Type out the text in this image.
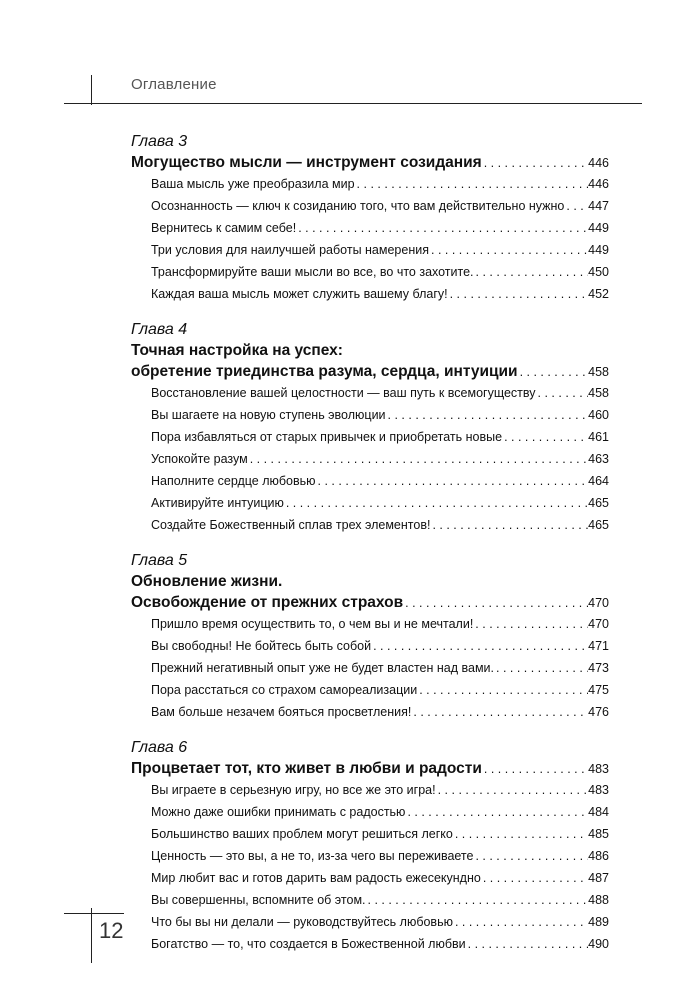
Оглавление
Глава 3
Могущество мысли — инструмент созидания . . .	446
Ваша мысль уже преобразила мир . . .	446
Осознанность — ключ к созиданию того, что вам действительно нужно . . . 447
Вернитесь к самим себе! . . .	449
Три условия для наилучшей работы намерения . . .	449
Трансформируйте ваши мысли во все, во что захотите. . . .	450
Каждая ваша мысль может служить вашему благу! . . .	452
Глава 4
Точная настройка на успех:
обретение триединства разума, сердца, интуиции . . .	458
Восстановление вашей целостности — ваш путь к всемогуществу . . .	458
Вы шагаете на новую ступень эволюции . . .	460
Пора избавляться от старых привычек и приобретать новые . . .	461
Успокойте разум . . .	463
Наполните сердце любовью . . .	464
Активируйте интуицию . . .	465
Создайте Божественный сплав трех элементов! . . .	465
Глава 5
Обновление жизни.
Освобождение от прежних страхов . . .	470
Пришло время осуществить то, о чем вы и не мечтали! . . .	470
Вы свободны! Не бойтесь быть собой . . .	471
Прежний негативный опыт уже не будет властен над вами. . . .	473
Пора расстаться со страхом самореализации . . .	475
Вам больше незачем бояться просветления! . . .	476
Глава 6
Процветает тот, кто живет в любви и радости . . .	483
Вы играете в серьезную игру, но все же это игра! . . .	483
Можно даже ошибки принимать с радостью . . .	484
Большинство ваших проблем могут решиться легко . . .	485
Ценность — это вы, а не то, из-за чего вы переживаете . . .	486
Мир любит вас и готов дарить вам радость ежесекундно . . .	487
Вы совершенны, вспомните об этом. . . .	488
Что бы вы ни делали — руководствуйтесь любовью . . .	489
Богатство — то, что создается в Божественной любви . . .	490
12
